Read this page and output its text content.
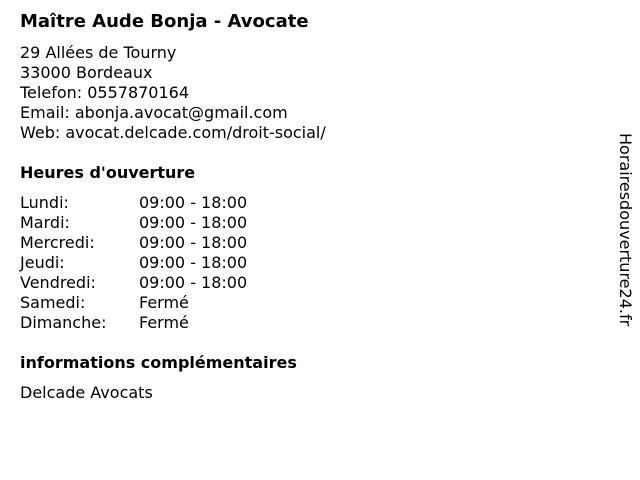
Maître Aude Bonja - Avocate
29 Allées de Tourny
33000 Bordeaux
Telefon: 0557870164
Email: abonja.avocat@gmail.com
Web: avocat.delcade.com/droit-social/
Heures d'ouverture
Lundi:	09:00 - 18:00
Mardi:	09:00 - 18:00
Mercredi:	09:00 - 18:00
Jeudi:	09:00 - 18:00
Vendredi:	09:00 - 18:00
Samedi:	Fermé
Dimanche:	Fermé
informations complémentaires
Delcade Avocats
Horairesdouverture24.fr
